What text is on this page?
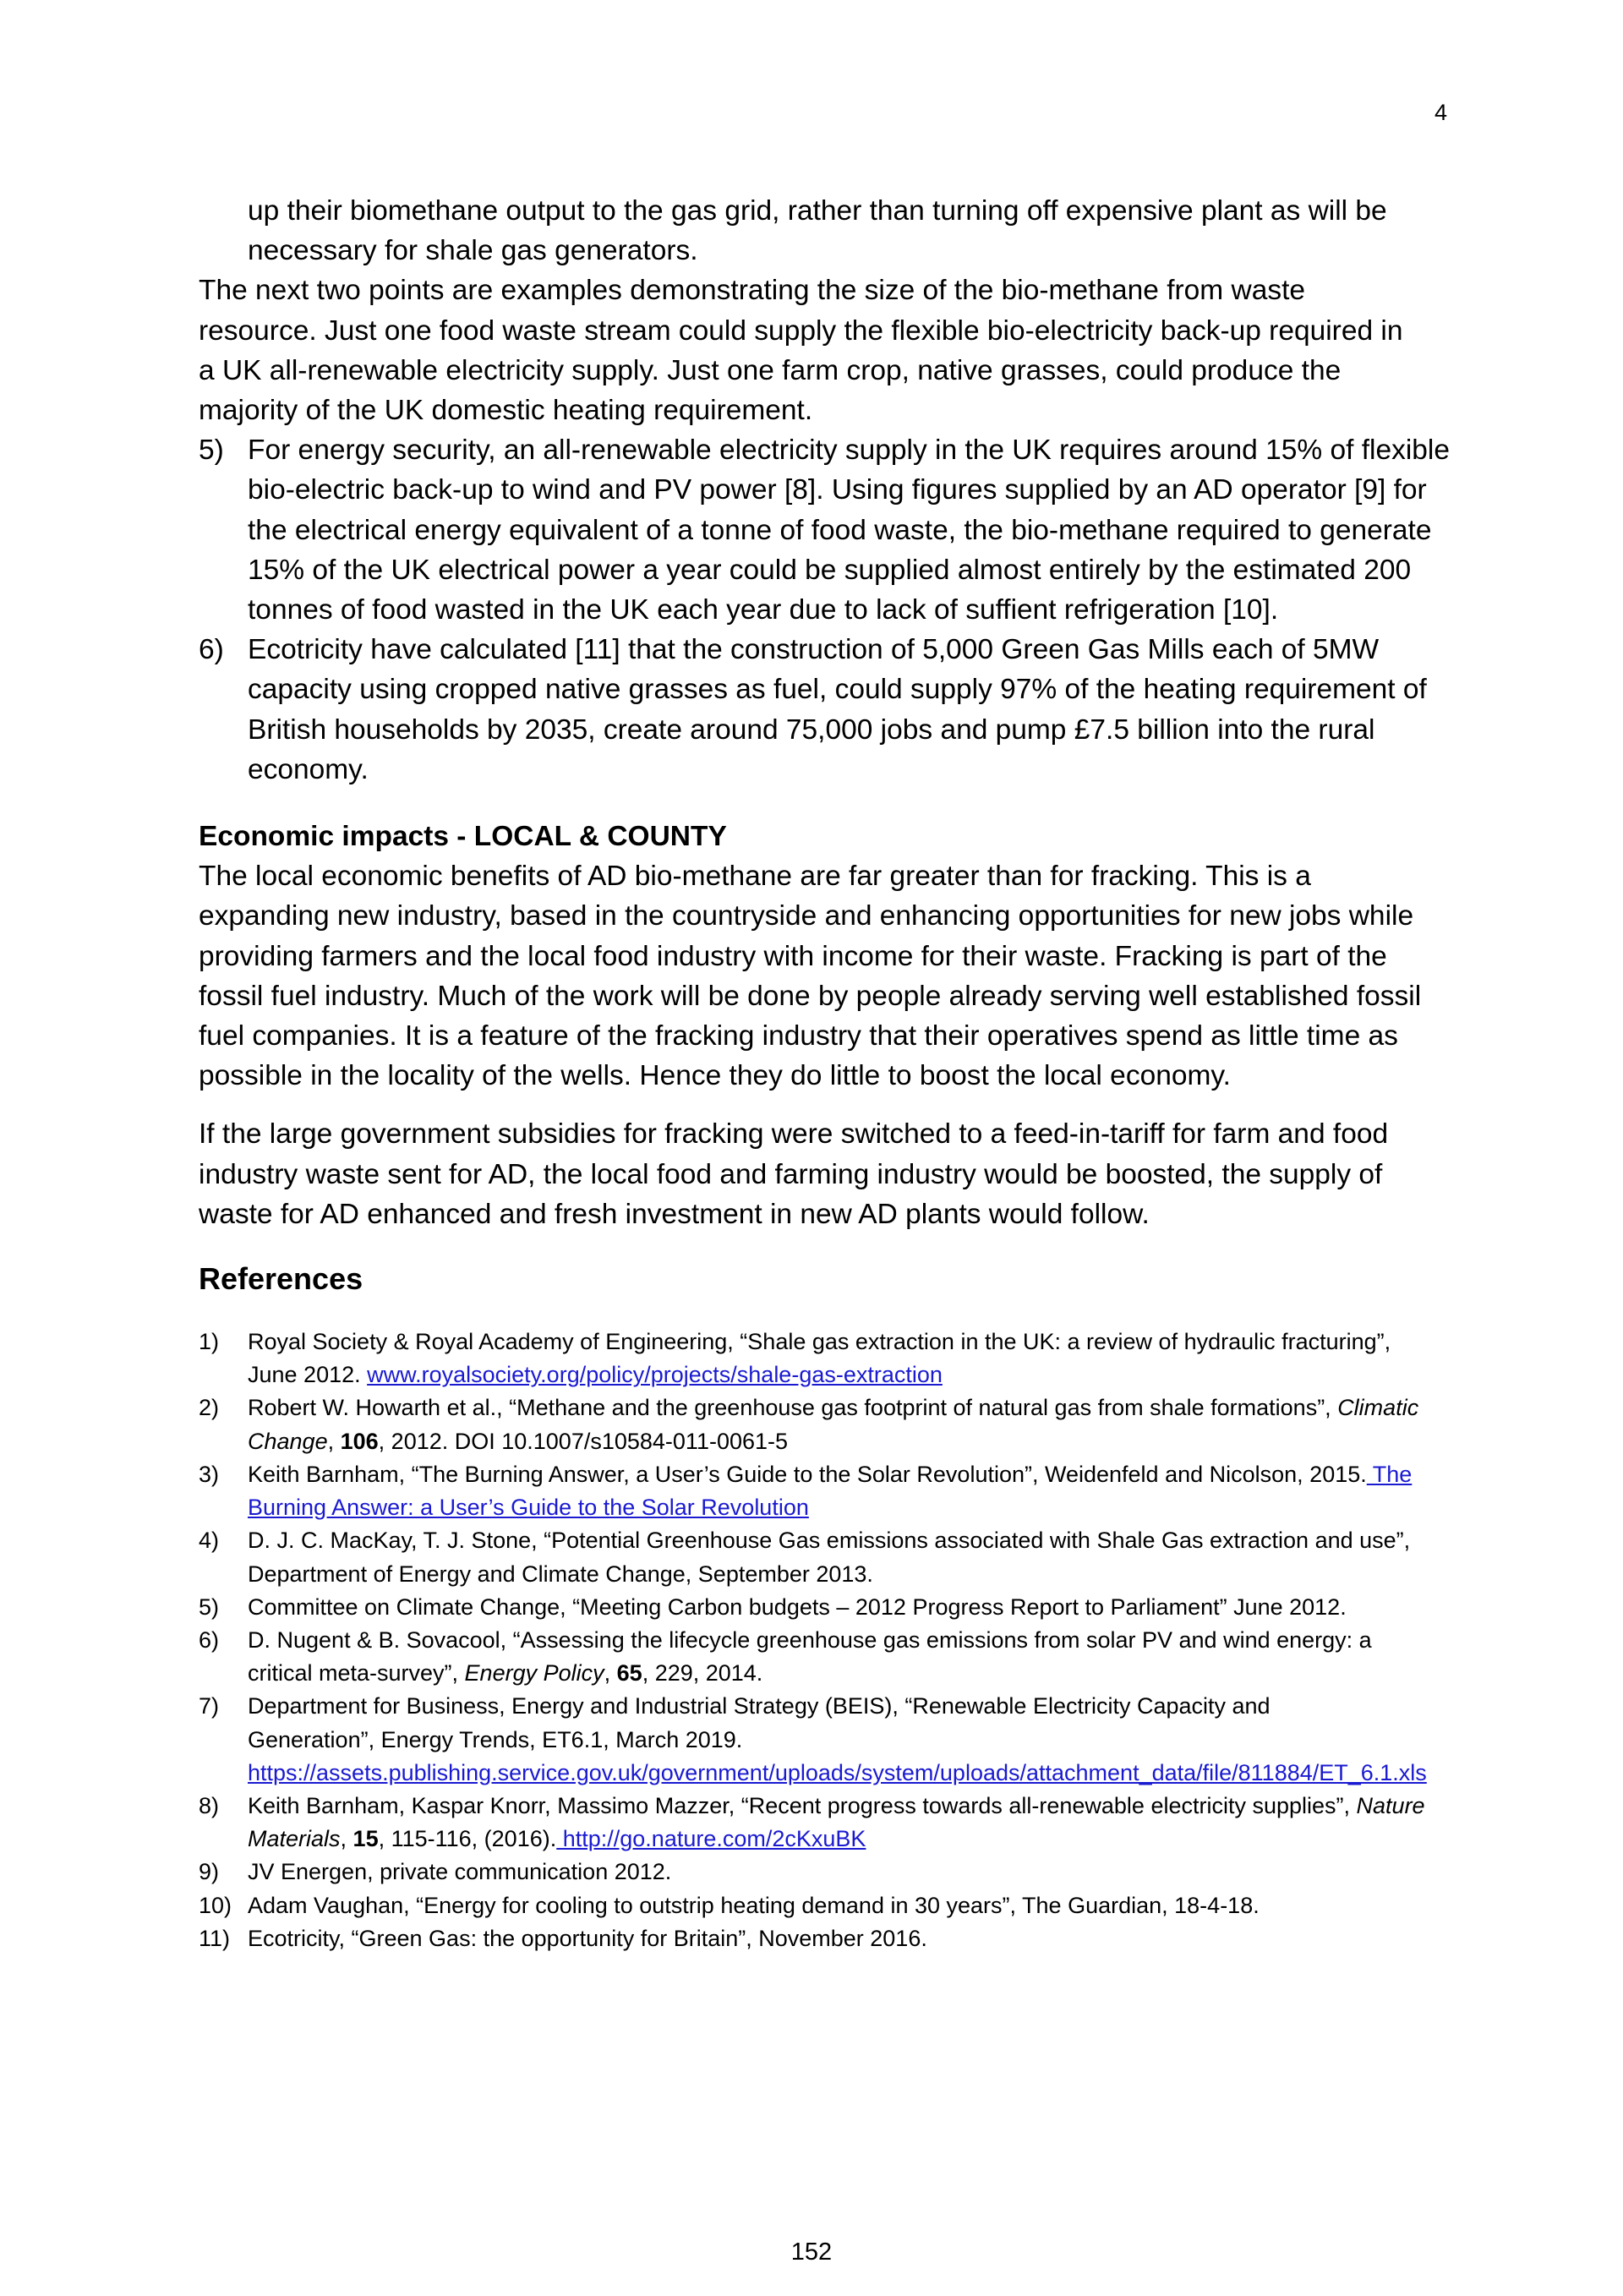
4

up their biomethane output to the gas grid, rather than turning off expensive plant as will be necessary for shale gas generators.

The next two points are examples demonstrating the size of the bio-methane from waste resource. Just one food waste stream could supply the flexible bio-electricity back-up required in a UK all-renewable electricity supply. Just one farm crop, native grasses, could produce the majority of the UK domestic heating requirement.

5) For energy security, an all-renewable electricity supply in the UK requires around 15% of flexible bio-electric back-up to wind and PV power [8]. Using figures supplied by an AD operator [9] for the electrical energy equivalent of a tonne of food waste, the bio-methane required to generate 15% of the UK electrical power a year could be supplied almost entirely by the estimated 200 tonnes of food wasted in the UK each year due to lack of suffient refrigeration [10].
6) Ecotricity have calculated [11] that the construction of 5,000 Green Gas Mills each of 5MW capacity using cropped native grasses as fuel, could supply 97% of the heating requirement of British households by 2035, create around 75,000 jobs and pump £7.5 billion into the rural economy.
Economic impacts - LOCAL & COUNTY

The local economic benefits of AD bio-methane are far greater than for fracking. This is a expanding new industry, based in the countryside and enhancing opportunities for new jobs while providing farmers and the local food industry with income for their waste. Fracking is part of the fossil fuel industry. Much of the work will be done by people already serving well established fossil fuel companies. It is a feature of the fracking industry that their operatives spend as little time as possible in the locality of the wells. Hence they do little to boost the local economy.

If the large government subsidies for fracking were switched to a feed-in-tariff for farm and food industry waste sent for AD, the local food and farming industry would be boosted, the supply of waste for AD enhanced and fresh investment in new AD plants would follow.

References
1) Royal Society & Royal Academy of Engineering, “Shale gas extraction in the UK: a review of hydraulic fracturing”, June 2012. www.royalsociety.org/policy/projects/shale-gas-extraction
2) Robert W. Howarth et al., “Methane and the greenhouse gas footprint of natural gas from shale formations”, Climatic Change, 106, 2012. DOI 10.1007/s10584-011-0061-5
3) Keith Barnham, “The Burning Answer, a User’s Guide to the Solar Revolution”, Weidenfeld and Nicolson, 2015. The Burning Answer: a User’s Guide to the Solar Revolution
4) D. J. C. MacKay, T. J. Stone, “Potential Greenhouse Gas emissions associated with Shale Gas extraction and use”, Department of Energy and Climate Change, September 2013.
5) Committee on Climate Change, “Meeting Carbon budgets – 2012 Progress Report to Parliament” June 2012.
6) D. Nugent & B. Sovacool, “Assessing the lifecycle greenhouse gas emissions from solar PV and wind energy: a critical meta-survey”, Energy Policy, 65, 229, 2014.
7) Department for Business, Energy and Industrial Strategy (BEIS), “Renewable Electricity Capacity and Generation”, Energy Trends, ET6.1, March 2019.
https://assets.publishing.service.gov.uk/government/uploads/system/uploads/attachment_data/file/811884/ET_6.1.xls
8) Keith Barnham, Kaspar Knorr, Massimo Mazzer, “Recent progress towards all-renewable electricity supplies”, Nature Materials, 15, 115-116, (2016). http://go.nature.com/2cKxuBK
9) JV Energen, private communication 2012.
10) Adam Vaughan, “Energy for cooling to outstrip heating demand in 30 years”, The Guardian, 18-4-18.
11) Ecotricity, “Green Gas: the opportunity for Britain”, November 2016.
152
